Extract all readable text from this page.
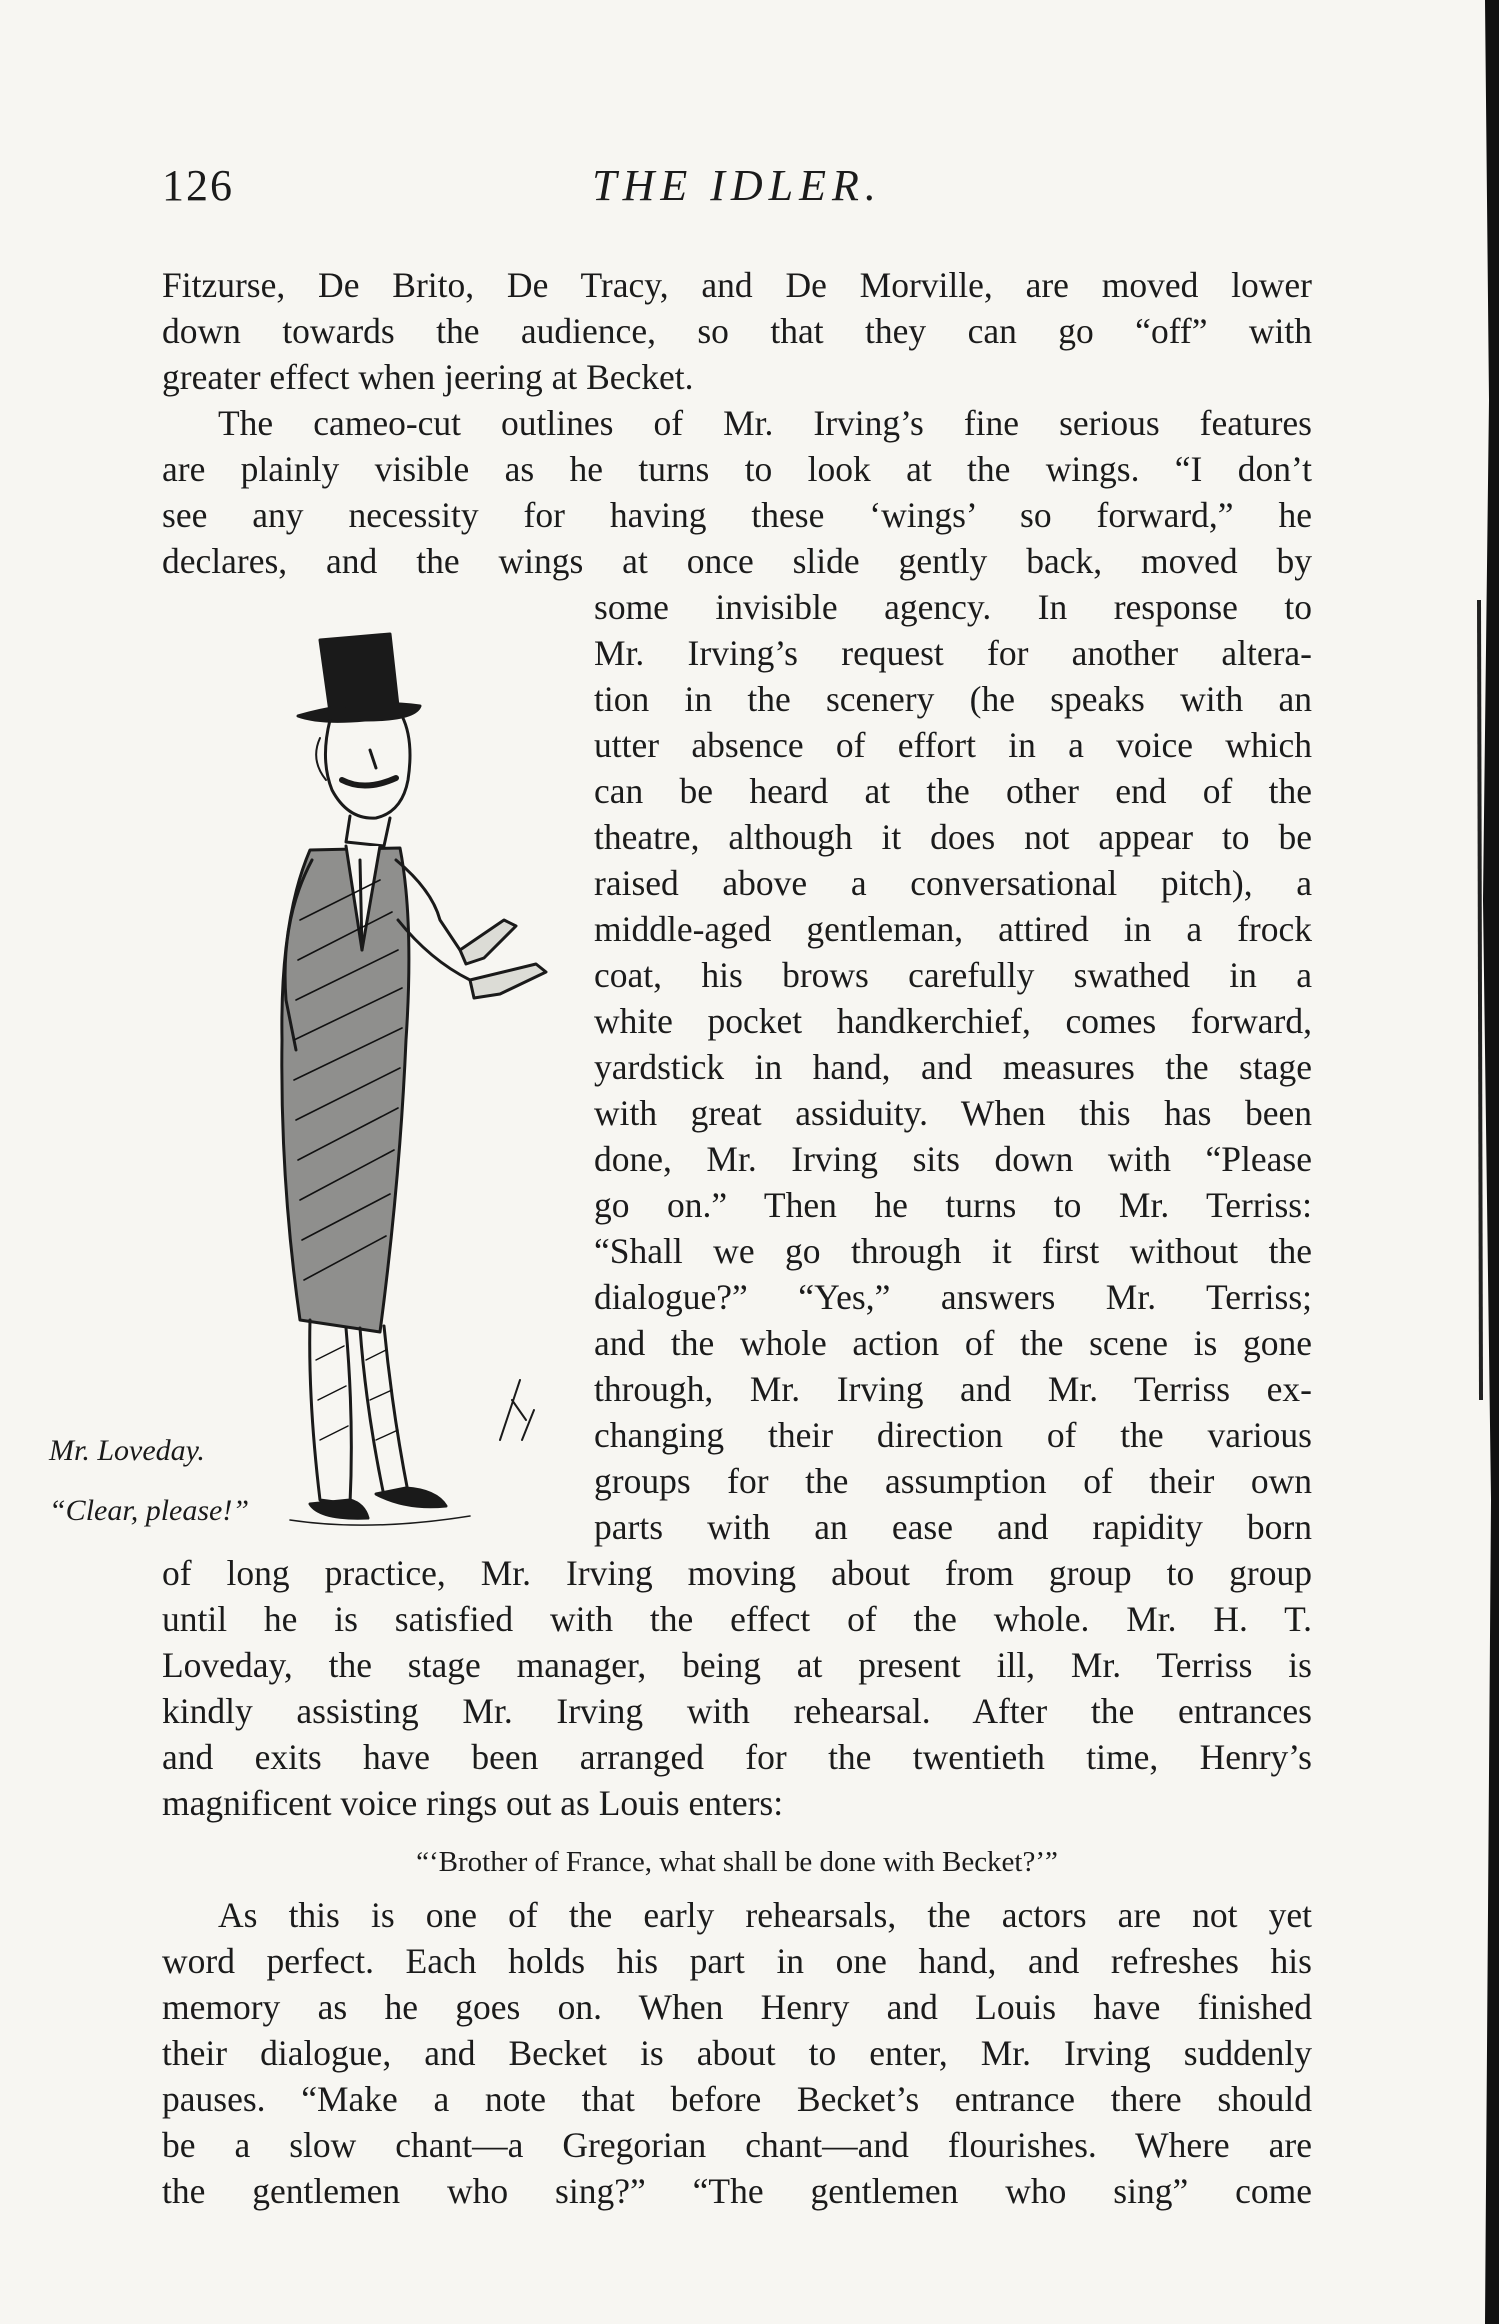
126	THE IDLER.
Fitzurse, De Brito, De Tracy, and De Morville, are moved lower
down towards the audience, so that they can go “off” with
greater effect when jeering at Becket.
The cameo-cut outlines of Mr. Irving’s fine serious features
are plainly visible as he turns to look at the wings. “I don’t
see any necessity for having these ‘wings’ so forward,” he
declares, and the wings at once slide gently back, moved by
some invisible agency. In response to
Mr. Irving’s request for another altera-
tion in the scenery (he speaks with an
utter absence of effort in a voice which
can be heard at the other end of the
theatre, although it does not appear to be
raised above a conversational pitch), a
middle-aged gentleman, attired in a frock
coat, his brows carefully swathed in a
white pocket handkerchief, comes forward,
yardstick in hand, and measures the stage
with great assiduity. When this has been
done, Mr. Irving sits down with “Please
go on.” Then he turns to Mr. Terriss:
“Shall we go through it first without the
dialogue?” “Yes,” answers Mr. Terriss;
and the whole action of the scene is gone
through, Mr. Irving and Mr. Terriss ex-
changing their direction of the various
groups for the assumption of their own
parts with an ease and rapidity born
of long practice, Mr. Irving moving about from group to group
until he is satisfied with the effect of the whole. Mr. H. T.
Loveday, the stage manager, being at present ill, Mr. Terriss is
kindly assisting Mr. Irving with rehearsal. After the entrances
and exits have been arranged for the twentieth time, Henry’s
magnificent voice rings out as Louis enters:
“‘Brother of France, what shall be done with Becket?’”
As this is one of the early rehearsals, the actors are not yet
word perfect. Each holds his part in one hand, and refreshes his
memory as he goes on. When Henry and Louis have finished
their dialogue, and Becket is about to enter, Mr. Irving suddenly
pauses. “Make a note that before Becket’s entrance there should
be a slow chant—a Gregorian chant—and flourishes. Where are
the gentlemen who sing?” “The gentlemen who sing” come
Mr. Loveday.
“Clear, please!”
